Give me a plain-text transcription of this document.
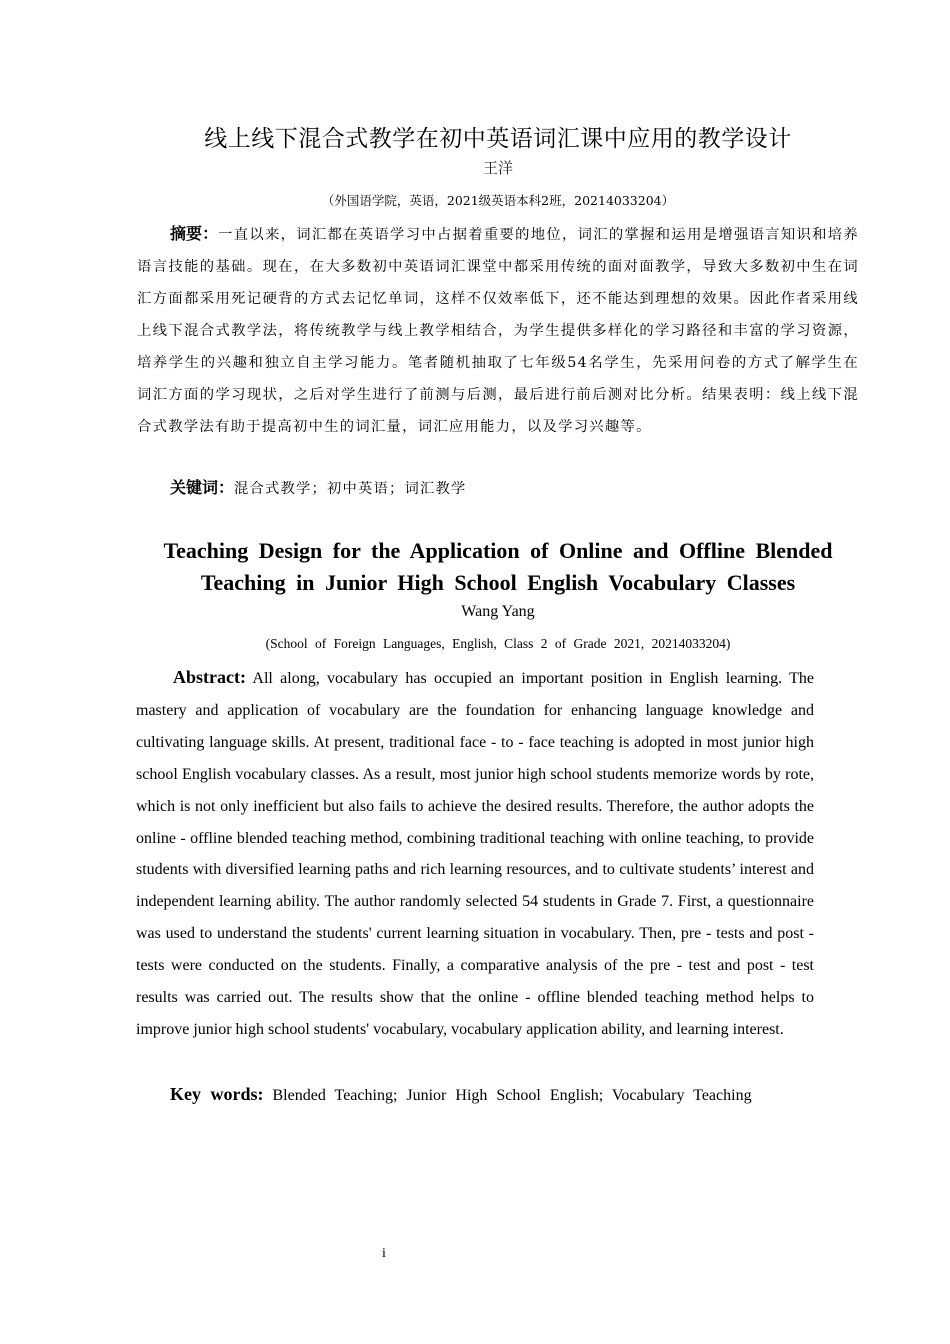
线上线下混合式教学在初中英语词汇课中应用的教学设计
王洋
（外国语学院，英语，2021级英语本科2班，20214033204）
摘要：一直以来，词汇都在英语学习中占据着重要的地位，词汇的掌握和运用是增强语言知识和培养语言技能的基础。现在，在大多数初中英语词汇课堂中都采用传统的面对面教学，导致大多数初中生在词汇方面都采用死记硬背的方式去记忆单词，这样不仅效率低下，还不能达到理想的效果。因此作者采用线上线下混合式教学法，将传统教学与线上教学相结合，为学生提供多样化的学习路径和丰富的学习资源，培养学生的兴趣和独立自主学习能力。笔者随机抽取了七年级54名学生，先采用问卷的方式了解学生在词汇方面的学习现状，之后对学生进行了前测与后测，最后进行前后测对比分析。结果表明：线上线下混合式教学法有助于提高初中生的词汇量，词汇应用能力，以及学习兴趣等。
关键词：混合式教学；初中英语；词汇教学
Teaching Design for the Application of Online and Offline Blended Teaching in Junior High School English Vocabulary Classes
Wang Yang
(School of Foreign Languages, English, Class 2 of Grade 2021, 20214033204)
Abstract: All along, vocabulary has occupied an important position in English learning. The mastery and application of vocabulary are the foundation for enhancing language knowledge and cultivating language skills. At present, traditional face - to - face teaching is adopted in most junior high school English vocabulary classes. As a result, most junior high school students memorize words by rote, which is not only inefficient but also fails to achieve the desired results. Therefore, the author adopts the online - offline blended teaching method, combining traditional teaching with online teaching, to provide students with diversified learning paths and rich learning resources, and to cultivate students’ interest and independent learning ability. The author randomly selected 54 students in Grade 7. First, a questionnaire was used to understand the students' current learning situation in vocabulary. Then, pre - tests and post - tests were conducted on the students. Finally, a comparative analysis of the pre - test and post - test results was carried out. The results show that the online - offline blended teaching method helps to improve junior high school students' vocabulary, vocabulary application ability, and learning interest.
Key words: Blended Teaching; Junior High School English; Vocabulary Teaching
i
